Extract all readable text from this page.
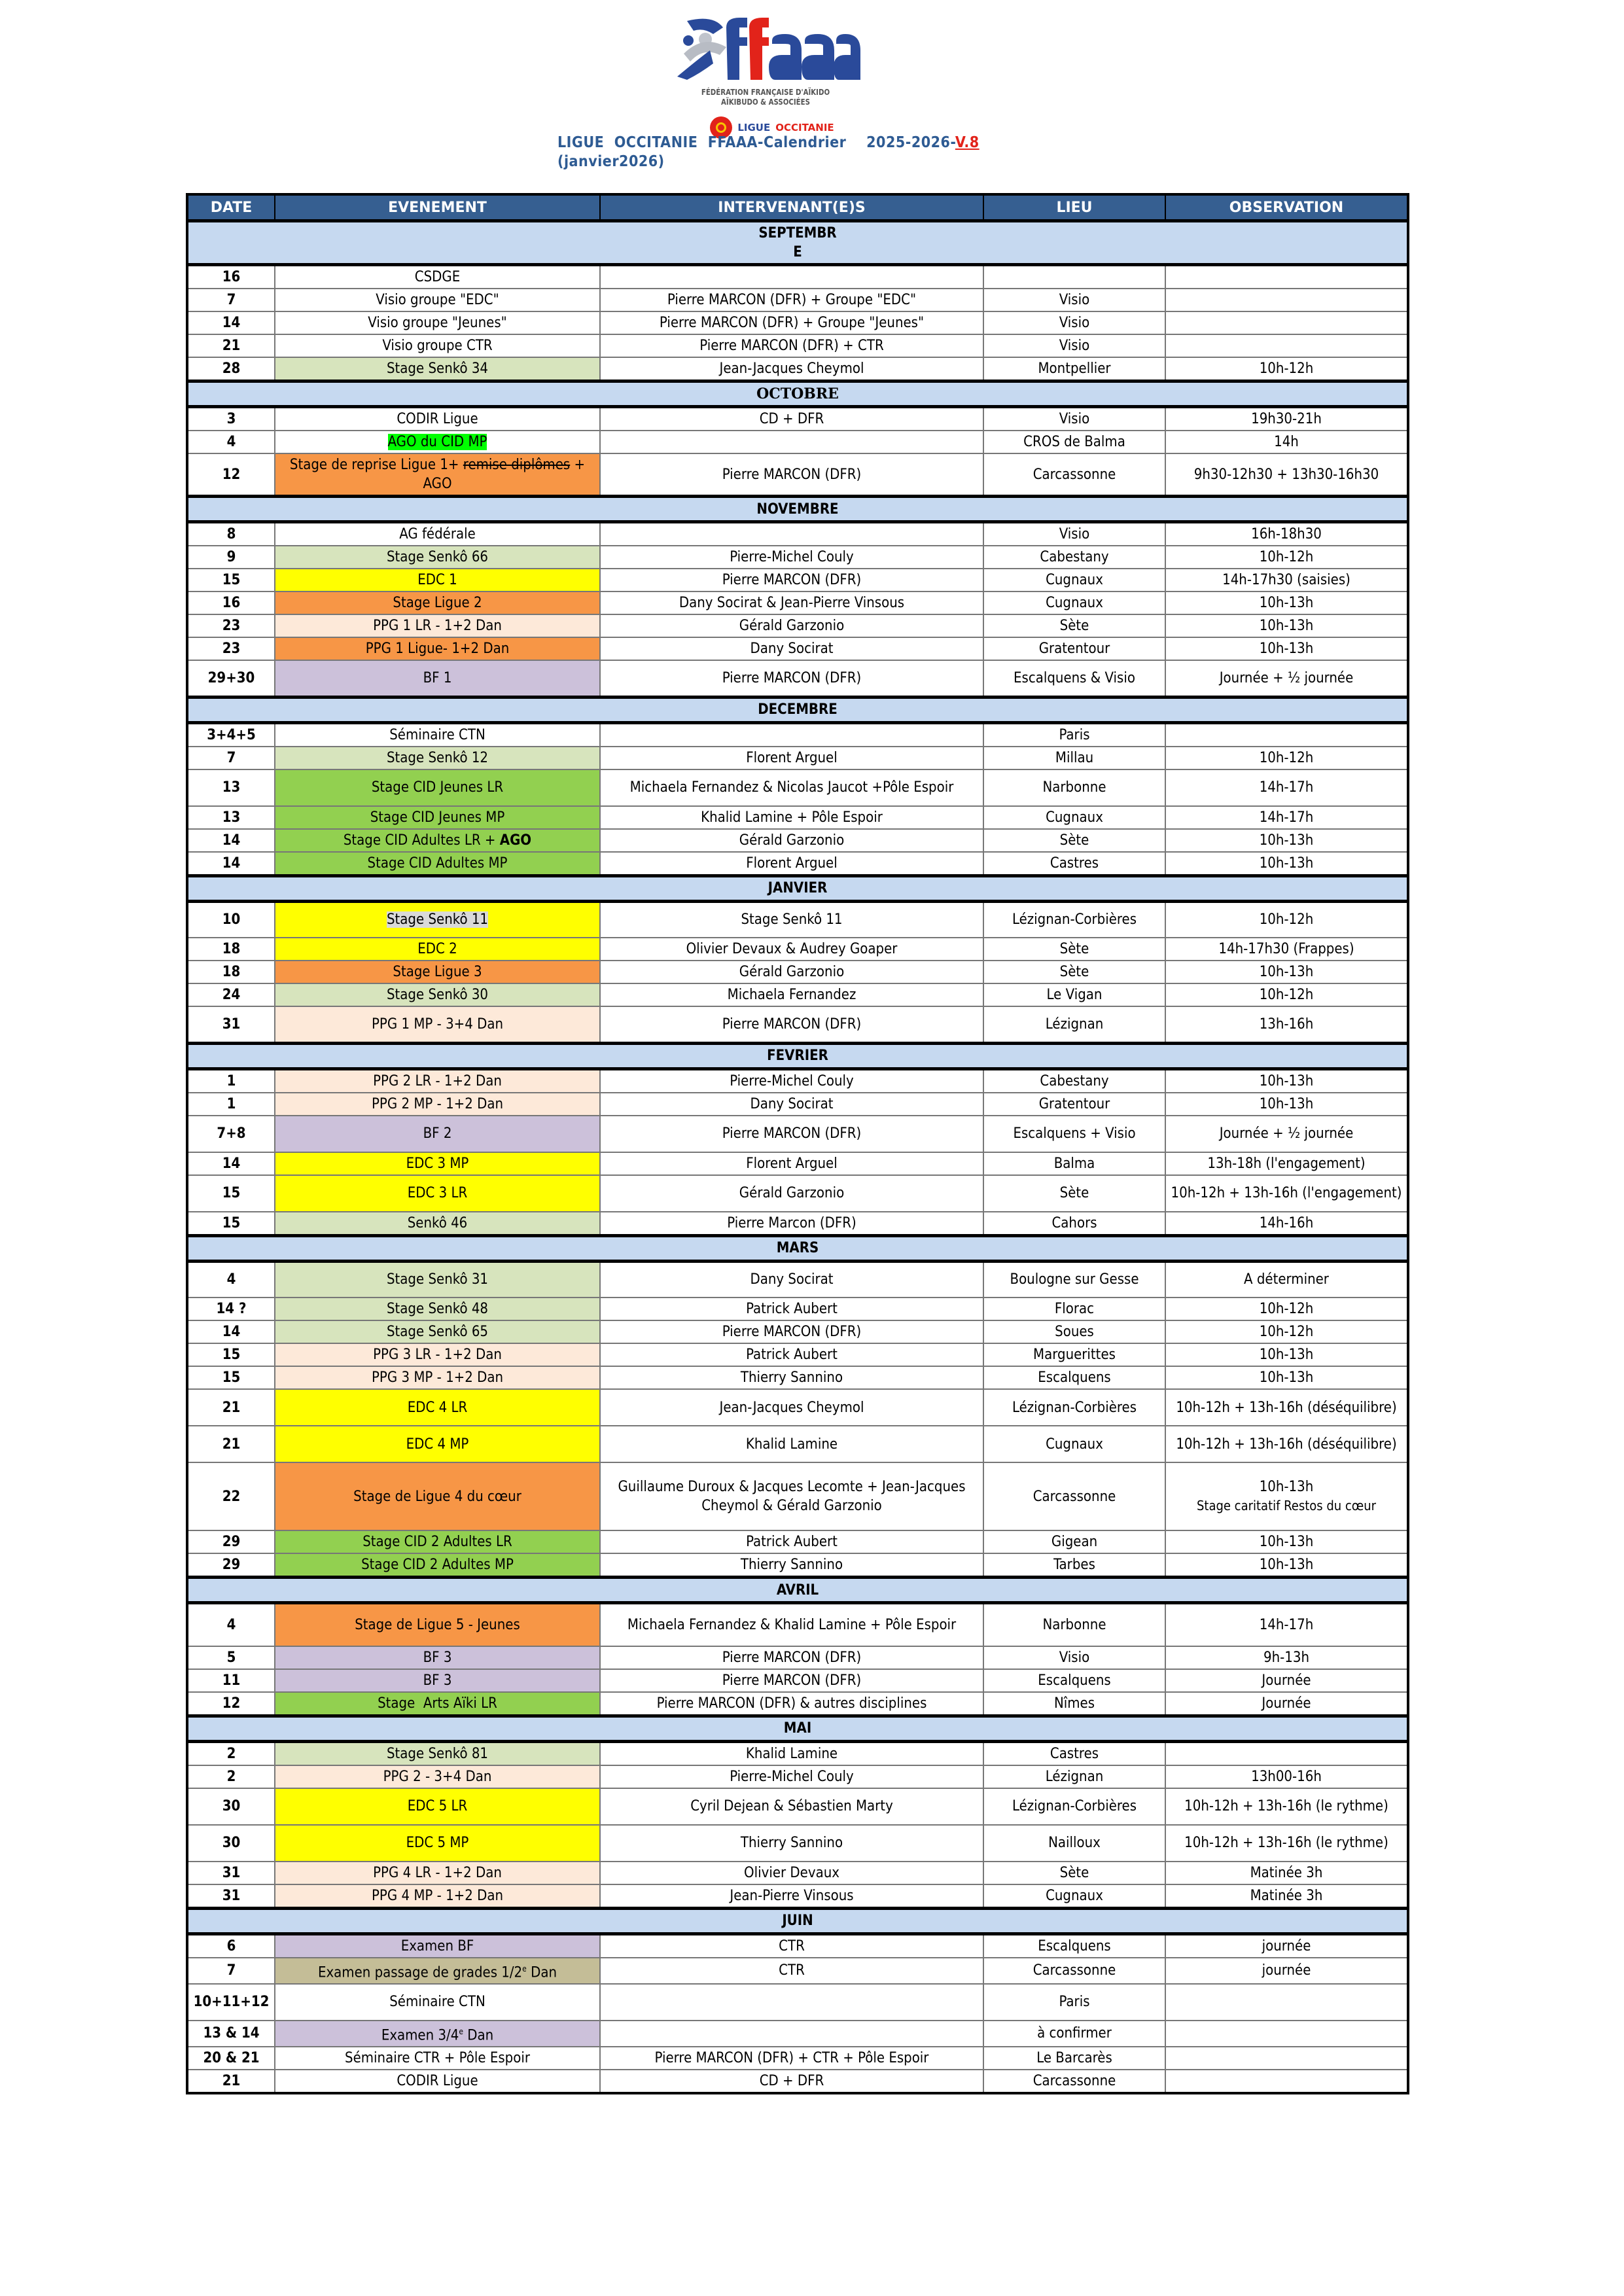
FÉDÉRATION FRANÇAISE D'AÏKIDO
AÏKIBUDO & ASSOCIÉES
LIGUE OCCITANIE
LIGUE  OCCITANIE  FFAAA-Calendrier    2025-2026-V.8
(janvier2026)
DATE	EVENEMENT	INTERVENANT(E)S	LIEU	OBSERVATION

SEPTEMBR
E				

16	CSDGE			
7	Visio groupe "EDC"	Pierre MARCON (DFR) + Groupe "EDC"	Visio	
14	Visio groupe "Jeunes"	Pierre MARCON (DFR) + Groupe "Jeunes"	Visio	
21	Visio groupe CTR	Pierre MARCON (DFR) + CTR	Visio	
28	Stage Senkô 34	Jean-Jacques Cheymol	Montpellier	10h-12h
OCTOBRE				
3	CODIR Ligue	CD + DFR	Visio	19h30-21h
4	AGO du CID MP		CROS de Balma	14h
12	Stage de reprise Ligue 1+ remise diplômes + AGO	Pierre MARCON (DFR)	Carcassonne	9h30-12h30 + 13h30-16h30
NOVEMBRE				
8	AG fédérale		Visio	16h-18h30
9	Stage Senkô 66	Pierre-Michel Couly	Cabestany	10h-12h
15	EDC 1	Pierre MARCON (DFR)	Cugnaux	14h-17h30 (saisies)
16	Stage Ligue 2	Dany Socirat & Jean-Pierre Vinsous	Cugnaux	10h-13h
23	PPG 1 LR - 1+2 Dan	Gérald Garzonio	Sète	10h-13h
23	PPG 1 Ligue- 1+2 Dan	Dany Socirat	Gratentour	10h-13h
29+30	BF 1	Pierre MARCON (DFR)	Escalquens & Visio	Journée + ½ journée
DECEMBRE				
3+4+5	Séminaire CTN		Paris	
7	Stage Senkô 12	Florent Arguel	Millau	10h-12h
13	Stage CID Jeunes LR	Michaela Fernandez & Nicolas Jaucot +Pôle Espoir	Narbonne	14h-17h
13	Stage CID Jeunes MP	Khalid Lamine + Pôle Espoir	Cugnaux	14h-17h
14	Stage CID Adultes LR + AGO	Gérald Garzonio	Sète	10h-13h
14	Stage CID Adultes MP	Florent Arguel	Castres	10h-13h
JANVIER				
10	Stage Senkô 11	Stage Senkô 11	Lézignan-Corbières	10h-12h
18	EDC 2	Olivier Devaux & Audrey Goaper	Sète	14h-17h30 (Frappes)
18	Stage Ligue 3	Gérald Garzonio	Sète	10h-13h
24	Stage Senkô 30	Michaela Fernandez	Le Vigan	10h-12h
31	PPG 1 MP - 3+4 Dan	Pierre MARCON (DFR)	Lézignan	13h-16h
FEVRIER				
1	PPG 2 LR - 1+2 Dan	Pierre-Michel Couly	Cabestany	10h-13h
1	PPG 2 MP - 1+2 Dan	Dany Socirat	Gratentour	10h-13h
7+8	BF 2	Pierre MARCON (DFR)	Escalquens + Visio	Journée + ½ journée
14	EDC 3 MP	Florent Arguel	Balma	13h-18h (l'engagement)
15	EDC 3 LR	Gérald Garzonio	Sète	10h-12h + 13h-16h (l'engagement)
15	Senkô 46	Pierre Marcon (DFR)	Cahors	14h-16h
MARS				
4	Stage Senkô 31	Dany Socirat	Boulogne sur Gesse	A déterminer
14 ?	Stage Senkô 48	Patrick Aubert	Florac	10h-12h
14	Stage Senkô 65	Pierre MARCON (DFR)	Soues	10h-12h
15	PPG 3 LR - 1+2 Dan	Patrick Aubert	Marguerittes	10h-13h
15	PPG 3 MP - 1+2 Dan	Thierry Sannino	Escalquens	10h-13h
21	EDC 4 LR	Jean-Jacques Cheymol	Lézignan-Corbières	10h-12h + 13h-16h (déséquilibre)
21	EDC 4 MP	Khalid Lamine	Cugnaux	10h-12h + 13h-16h (déséquilibre)
22	Stage de Ligue 4 du cœur	Guillaume Duroux & Jacques Lecomte + Jean-Jacques Cheymol & Gérald Garzonio	Carcassonne	10h-13h
Stage caritatif Restos du cœur

29	Stage CID 2 Adultes LR	Patrick Aubert	Gigean	10h-13h
29	Stage CID 2 Adultes MP	Thierry Sannino	Tarbes	10h-13h
AVRIL				
4	Stage de Ligue 5 - Jeunes	Michaela Fernandez & Khalid Lamine + Pôle Espoir	Narbonne	14h-17h
5	BF 3	Pierre MARCON (DFR)	Visio	9h-13h
11	BF 3	Pierre MARCON (DFR)	Escalquens	Journée
12	Stage  Arts Aïki LR	Pierre MARCON (DFR) & autres disciplines	Nîmes	Journée
MAI				
2	Stage Senkô 81	Khalid Lamine	Castres	
2	PPG 2 - 3+4 Dan	Pierre-Michel Couly	Lézignan	13h00-16h
30	EDC 5 LR	Cyril Dejean & Sébastien Marty	Lézignan-Corbières	10h-12h + 13h-16h (le rythme)
30	EDC 5 MP	Thierry Sannino	Nailloux	10h-12h + 13h-16h (le rythme)
31	PPG 4 LR - 1+2 Dan	Olivier Devaux	Sète	Matinée 3h
31	PPG 4 MP - 1+2 Dan	Jean-Pierre Vinsous	Cugnaux	Matinée 3h
JUIN				
6	Examen BF	CTR	Escalquens	journée
7	Examen passage de grades 1/2e Dan	CTR	Carcassonne	journée
10+11+12	Séminaire CTN		Paris	
13 & 14	Examen 3/4e Dan		à confirmer	
20 & 21	Séminaire CTR + Pôle Espoir	Pierre MARCON (DFR) + CTR + Pôle Espoir	Le Barcarès	
21	CODIR Ligue	CD + DFR	Carcassonne	
